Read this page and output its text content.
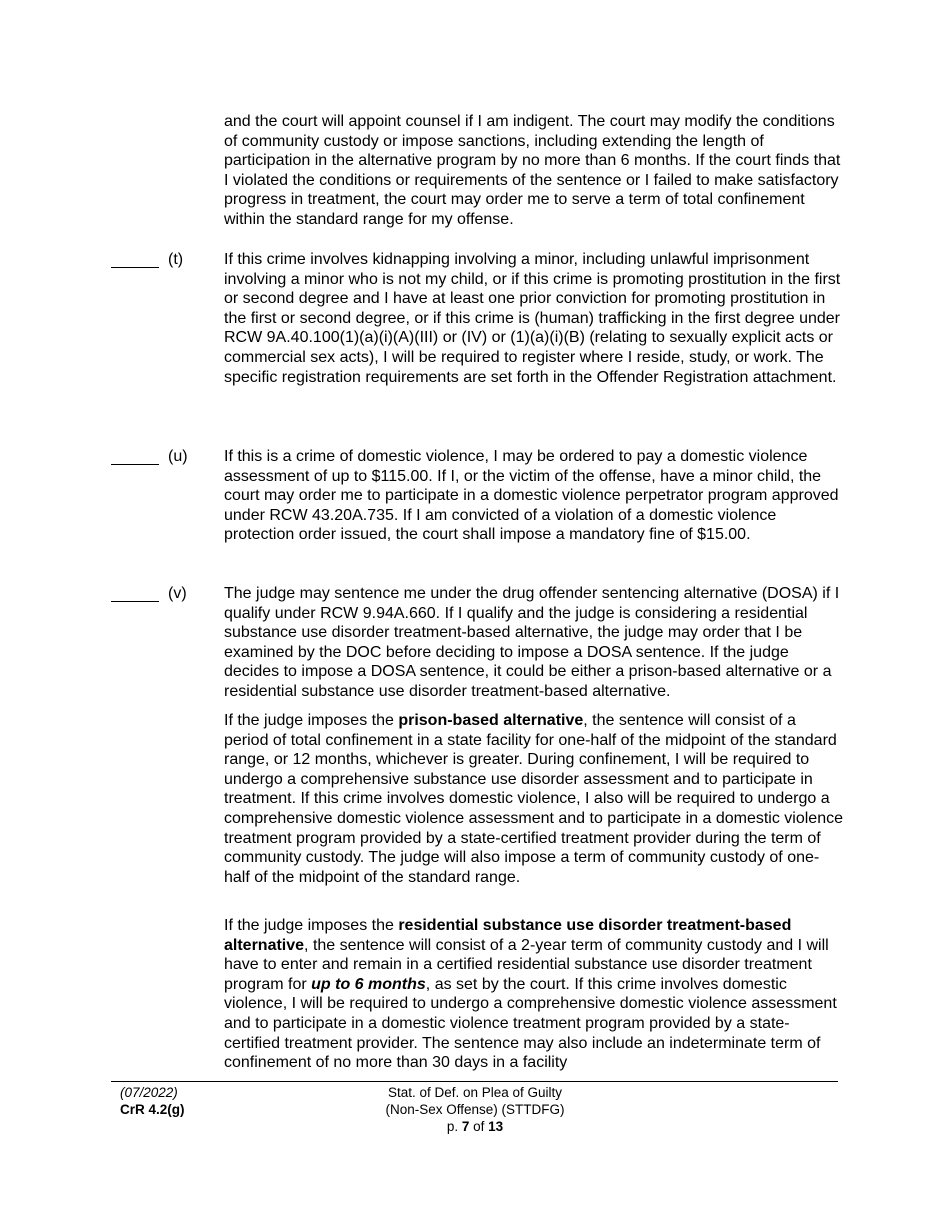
and the court will appoint counsel if I am indigent. The court may modify the conditions of community custody or impose sanctions, including extending the length of participation in the alternative program by no more than 6 months. If the court finds that I violated the conditions or requirements of the sentence or I failed to make satisfactory progress in treatment, the court may order me to serve a term of total confinement within the standard range for my offense.

(t)	If this crime involves kidnapping involving a minor, including unlawful imprisonment involving a minor who is not my child, or if this crime is promoting prostitution in the first or second degree and I have at least one prior conviction for promoting prostitution in the first or second degree, or if this crime is (human) trafficking in the first degree under
RCW 9A.40.100(1)(a)(i)(A)(III) or (IV) or (1)(a)(i)(B) (relating to sexually explicit acts or commercial sex acts), I will be required to register where I reside, study, or work. The specific registration requirements are set forth in the Offender Registration attachment.

(u) If this is a crime of domestic violence, I may be ordered to pay a domestic violence assessment of up to $115.00. If I, or the victim of the offense, have a minor child, the court may order me to participate in a domestic violence perpetrator program approved under RCW 43.20A.735. If I am convicted of a violation of a domestic violence protection order issued, the court shall impose a mandatory fine of $15.00.

(v) The judge may sentence me under the drug offender sentencing alternative (DOSA) if I qualify under RCW 9.94A.660. If I qualify and the judge is considering a residential substance use disorder treatment-based alternative, the judge may order that I be examined by the DOC before deciding to impose a DOSA sentence. If the judge decides to impose a DOSA sentence, it could be either a prison-based alternative or a residential substance use disorder treatment-based alternative.

If the judge imposes the prison-based alternative, the sentence will consist of a period of total confinement in a state facility for one-half of the midpoint of the standard range, or 12 months, whichever is greater. During confinement, I will be required to undergo a comprehensive substance use disorder assessment and to participate in treatment. If this crime involves domestic violence, I also will be required to undergo a comprehensive domestic violence assessment and to participate in a domestic violence treatment program provided by a state-certified treatment provider during the term of community custody. The judge will also impose a term of community custody of one-half of the midpoint of the standard range.

If the judge imposes the residential substance use disorder treatment-based alternative, the sentence will consist of a 2-year term of community custody and I will have to enter and remain in a certified residential substance use disorder treatment program for up to 6 months, as set by the court. If this crime involves domestic violence, I will be required to undergo a comprehensive domestic violence assessment and to participate in a domestic violence treatment program provided by a state-certified treatment provider. The sentence may also include an indeterminate term of confinement of no more than 30 days in a facility

(07/2022)
CrR 4.2(g)
Stat. of Def. on Plea of Guilty
(Non-Sex Offense) (STTDFG)
p. 7 of 13
